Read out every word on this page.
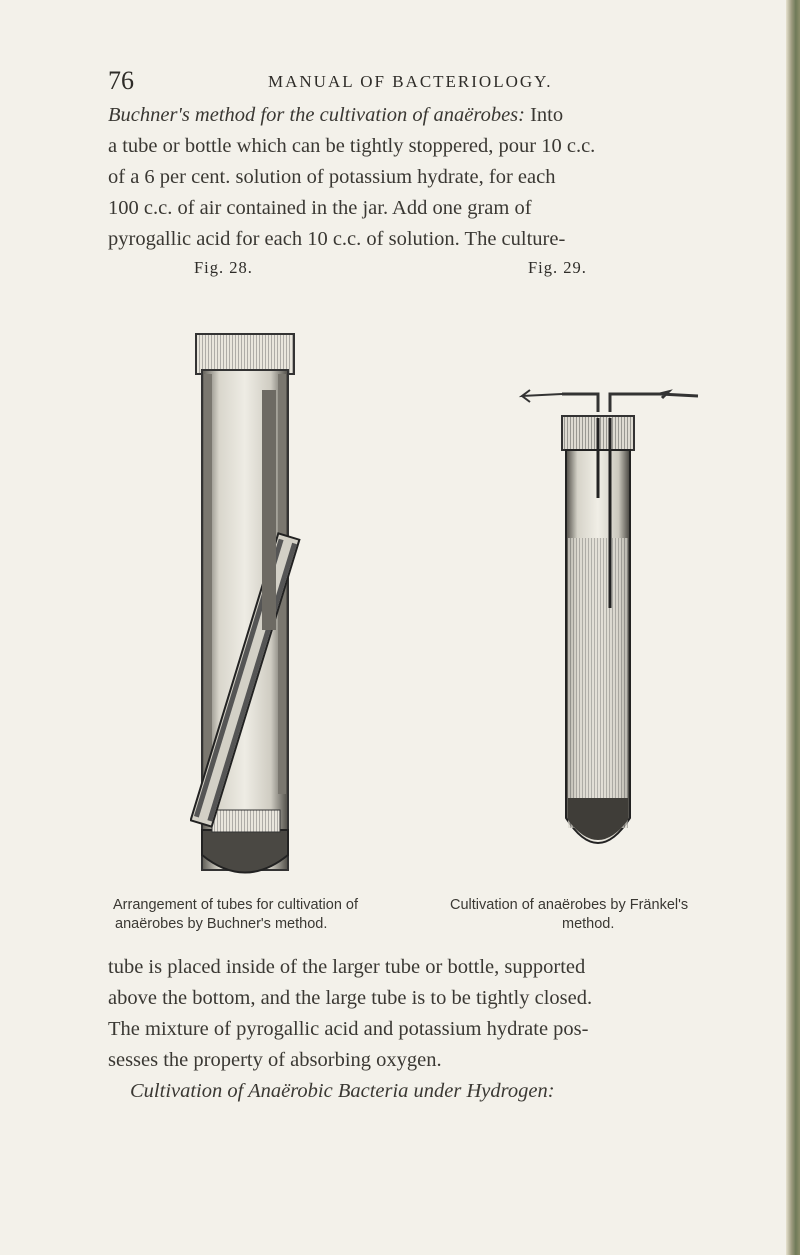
76	MANUAL OF BACTERIOLOGY.
Buchner's method for the cultivation of anaërobes: Into
a tube or bottle which can be tightly stoppered, pour 10 c.c.
of a 6 per cent. solution of potassium hydrate, for each
100 c.c. of air contained in the jar. Add one gram of
pyrogallic acid for each 10 c.c. of solution. The culture-
Fig. 28.	Fig. 29.
Arrangement of tubes for cultivation of
anaërobes by Buchner's method.
Cultivation of anaërobes by Fränkel's
method.
tube is placed inside of the larger tube or bottle, supported
above the bottom, and the large tube is to be tightly closed.
The mixture of pyrogallic acid and potassium hydrate pos-
sesses the property of absorbing oxygen.
Cultivation of Anaërobic Bacteria under Hydrogen:
